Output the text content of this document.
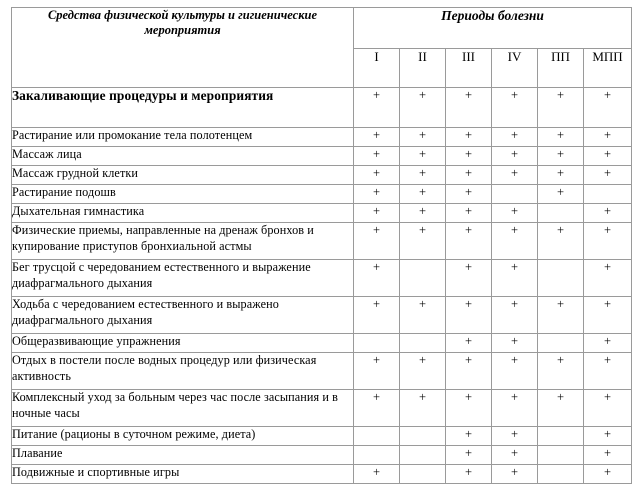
Средства физической культуры и гигиенические мероприятия	Периоды болезни					
	I	II	III	IV	ПП	МПП
Закаливающие процедуры и мероприятия	+	+	+	+	+	+
Растирание или промокание тела полотенцем	+	+	+	+	+	+
Массаж лица	+	+	+	+	+	+
Массаж грудной клетки	+	+	+	+	+	+
Растирание подошв	+	+	+		+	
Дыхательная гимнастика	+	+	+	+		+
Физические приемы, направленные на дренаж бронхов и купирование приступов бронхиальной астмы	+	+	+	+	+	+
Бег трусцой с чередованием естественного и выражение диафрагмального дыхания	+		+	+		+
Ходьба с чередованием естественного и выражено диафрагмального дыхания	+	+	+	+	+	+
Общеразвивающие упражнения			+	+		+
Отдых в постели после водных процедур или физическая активность	+	+	+	+	+	+
Комплексный уход за больным через час после засыпания и в ночные часы	+	+	+	+	+	+
Питание (рационы в суточном режиме, диета)			+	+		+
Плавание			+	+		+
Подвижные и спортивные игры	+		+	+		+
